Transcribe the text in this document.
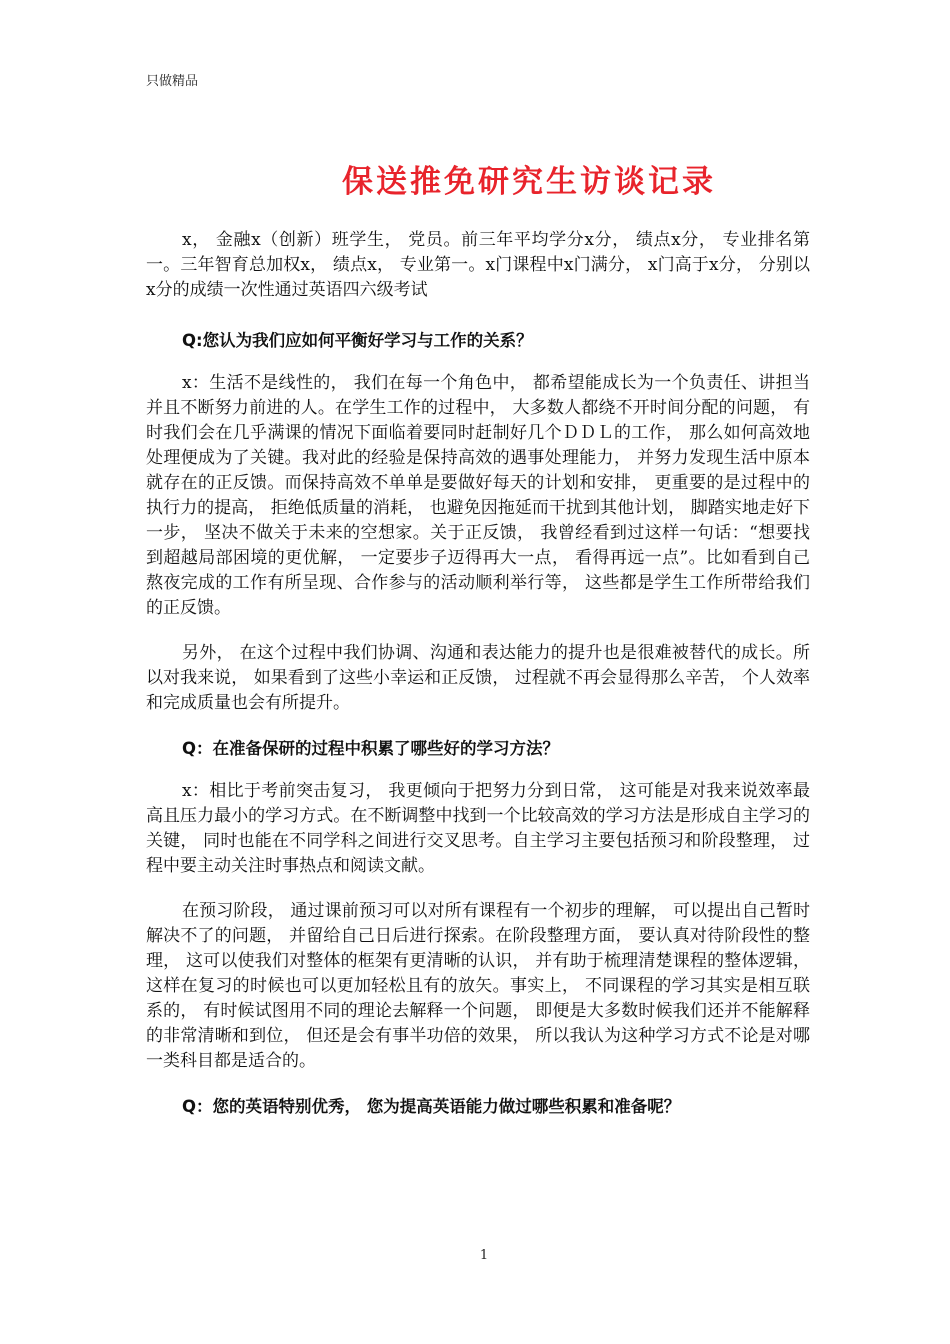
只做精品
保送推免研究生访谈记录

x， 金融x（创新）班学生， 党员。前三年平均学分x分， 绩点x分， 专业排名第一。三年智育总加权x， 绩点x， 专业第一。x门课程中x门满分， x门高于x分， 分别以x分的成绩一次性通过英语四六级考试

Q:您认为我们应如何平衡好学习与工作的关系？

x：生活不是线性的， 我们在每一个角色中， 都希望能成长为一个负责任、讲担当并且不断努力前进的人。在学生工作的过程中， 大多数人都绕不开时间分配的问题， 有时我们会在几乎满课的情况下面临着要同时赶制好几个ＤＤＬ的工作， 那么如何高效地处理便成为了关键。我对此的经验是保持高效的遇事处理能力， 并努力发现生活中原本就存在的正反馈。而保持高效不单单是要做好每天的计划和安排， 更重要的是过程中的执行力的提高， 拒绝低质量的消耗， 也避免因拖延而干扰到其他计划， 脚踏实地走好下一步， 坚决不做关于未来的空想家。关于正反馈， 我曾经看到过这样一句话：“想要找到超越局部困境的更优解， 一定要步子迈得再大一点， 看得再远一点”。比如看到自己熬夜完成的工作有所呈现、合作参与的活动顺利举行等， 这些都是学生工作所带给我们的正反馈。

另外， 在这个过程中我们协调、沟通和表达能力的提升也是很难被替代的成长。所以对我来说， 如果看到了这些小幸运和正反馈， 过程就不再会显得那么辛苦， 个人效率和完成质量也会有所提升。

Q：在准备保研的过程中积累了哪些好的学习方法？

x：相比于考前突击复习， 我更倾向于把努力分到日常， 这可能是对我来说效率最高且压力最小的学习方式。在不断调整中找到一个比较高效的学习方法是形成自主学习的关键， 同时也能在不同学科之间进行交叉思考。自主学习主要包括预习和阶段整理， 过程中要主动关注时事热点和阅读文献。

在预习阶段， 通过课前预习可以对所有课程有一个初步的理解， 可以提出自己暂时解决不了的问题， 并留给自己日后进行探索。在阶段整理方面， 要认真对待阶段性的整理， 这可以使我们对整体的框架有更清晰的认识， 并有助于梳理清楚课程的整体逻辑， 这样在复习的时候也可以更加轻松且有的放矢。事实上， 不同课程的学习其实是相互联系的， 有时候试图用不同的理论去解释一个问题， 即便是大多数时候我们还并不能解释的非常清晰和到位， 但还是会有事半功倍的效果， 所以我认为这种学习方式不论是对哪一类科目都是适合的。

Q：您的英语特别优秀， 您为提高英语能力做过哪些积累和准备呢？

1
